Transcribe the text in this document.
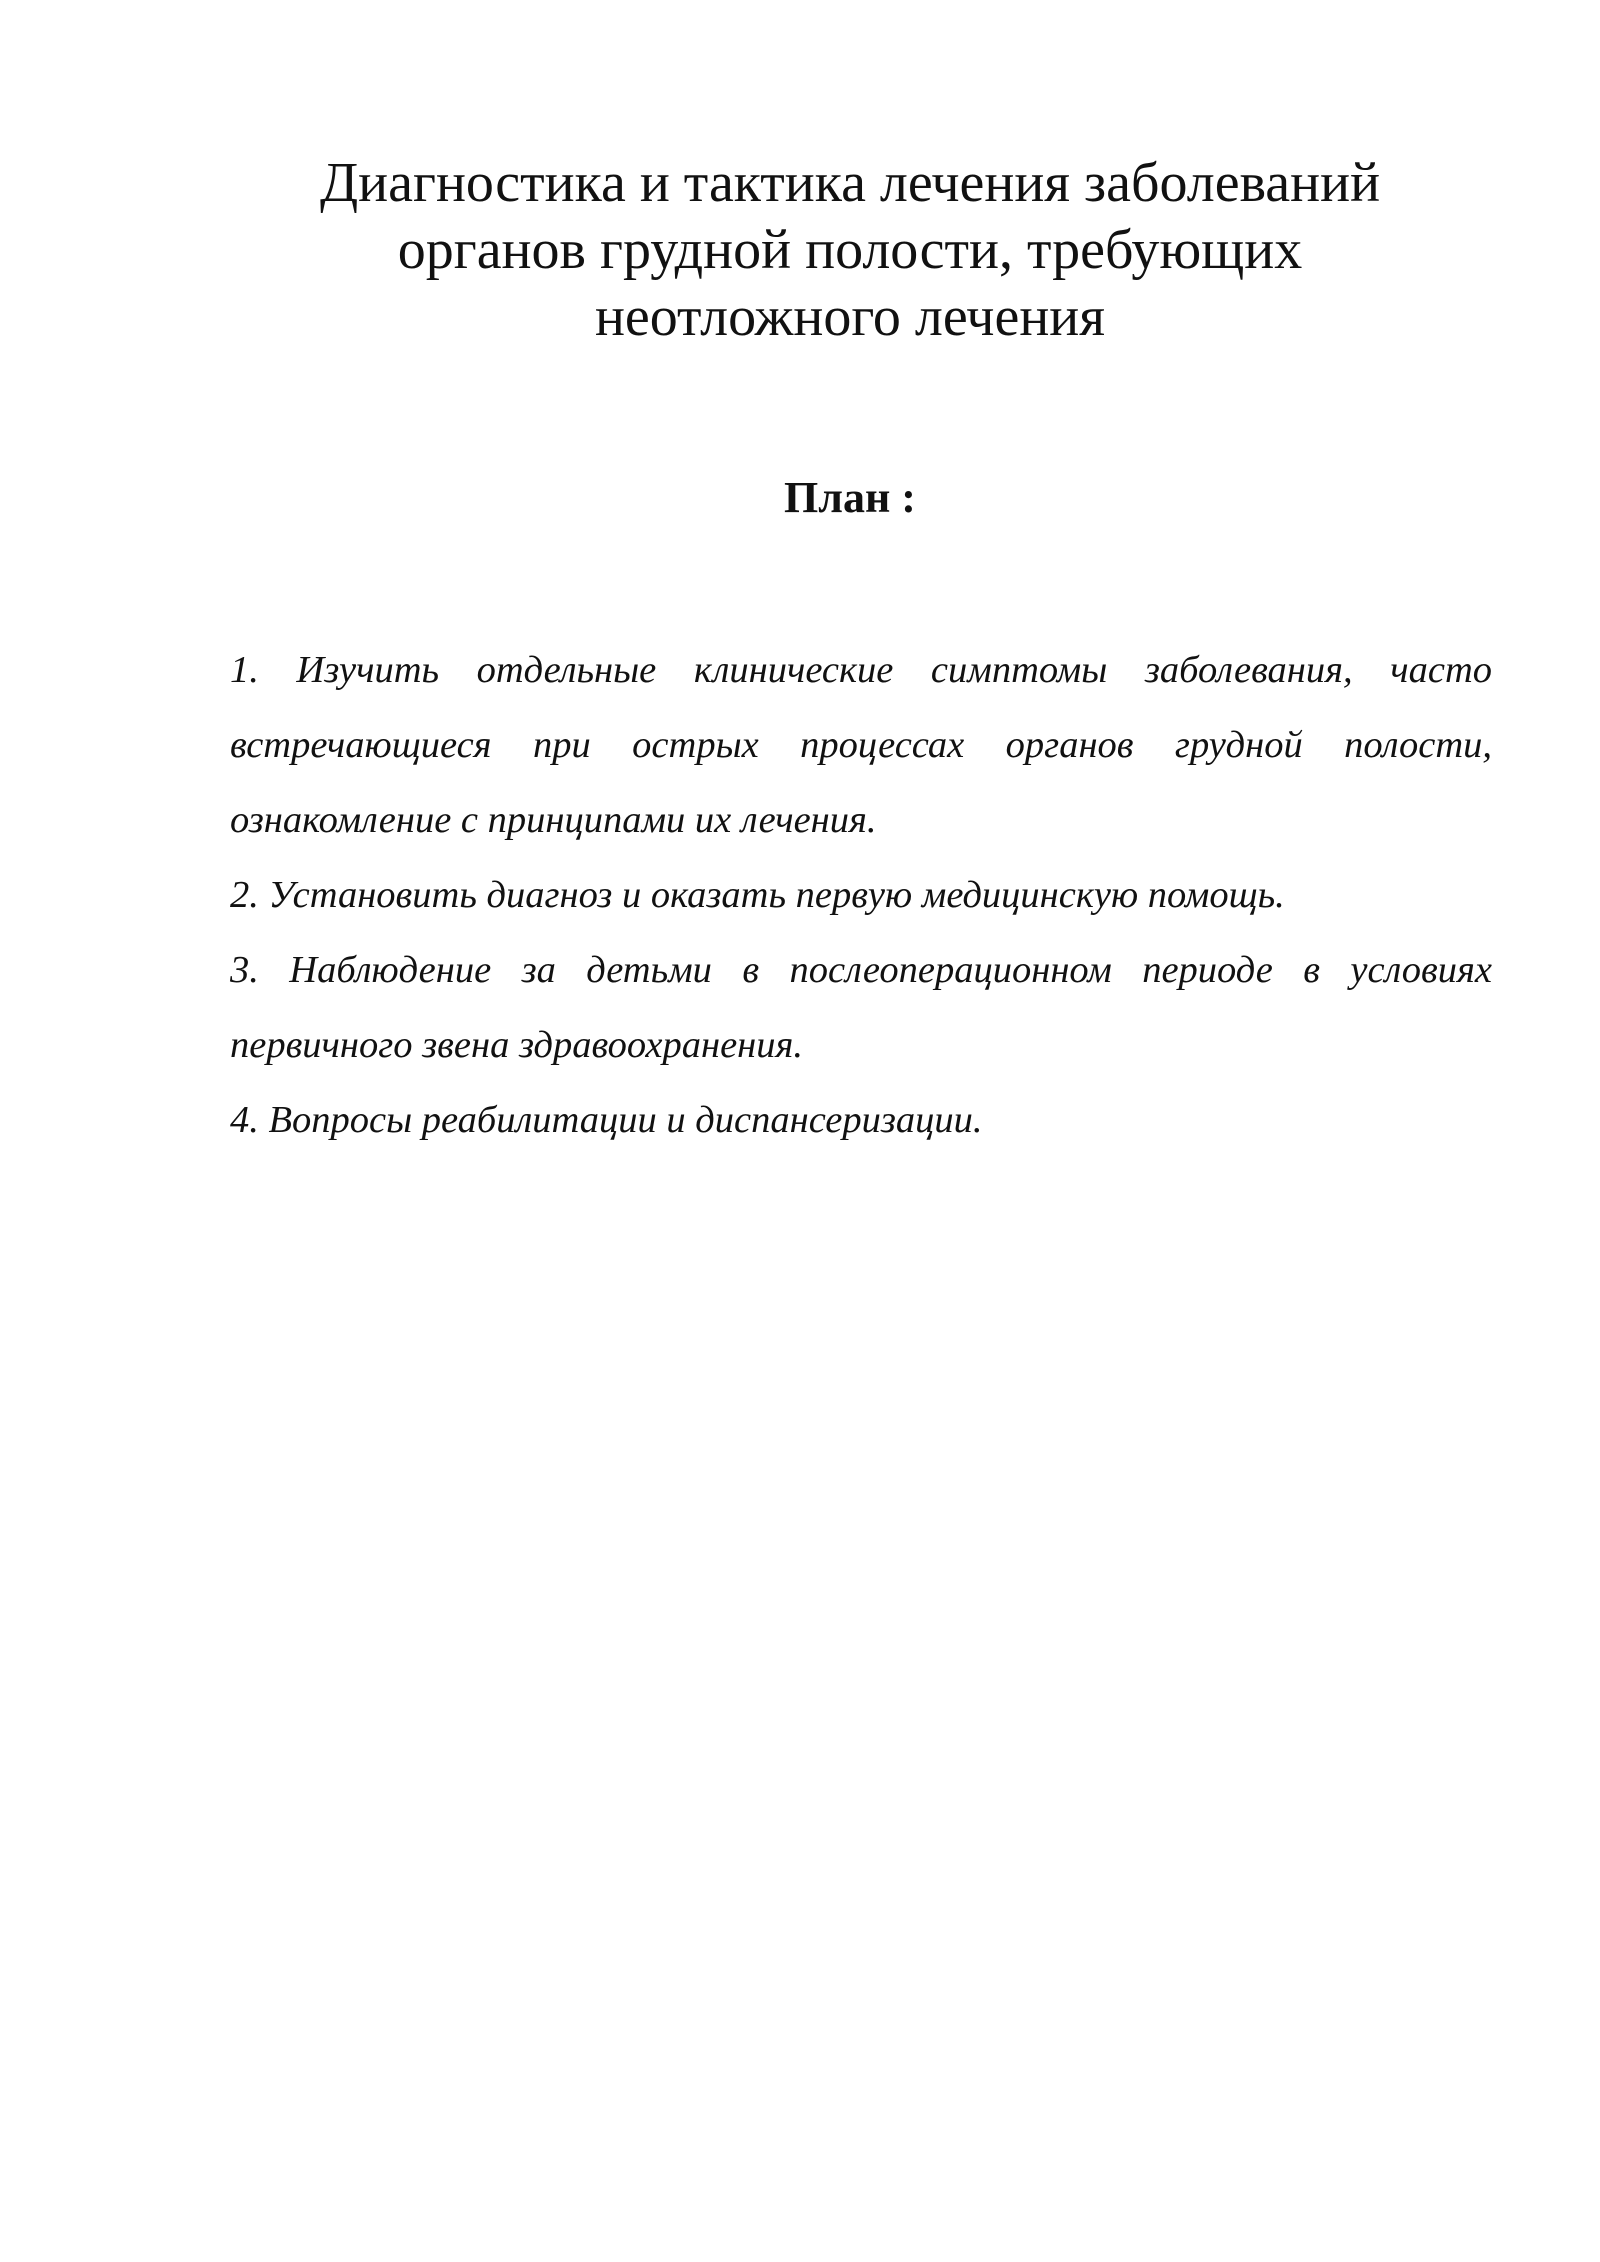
Диагностика и тактика лечения заболеваний
органов грудной полости, требующих
неотложного лечения
План :
1. Изучить отдельные клинические симптомы заболевания, часто встречающиеся при острых процессах органов грудной полости, ознакомление с принципами их лечения.
2. Установить диагноз и оказать первую медицинскую помощь.
3. Наблюдение за детьми в послеоперационном периоде в условиях первичного звена здравоохранения.
4. Вопросы реабилитации и диспансеризации.
